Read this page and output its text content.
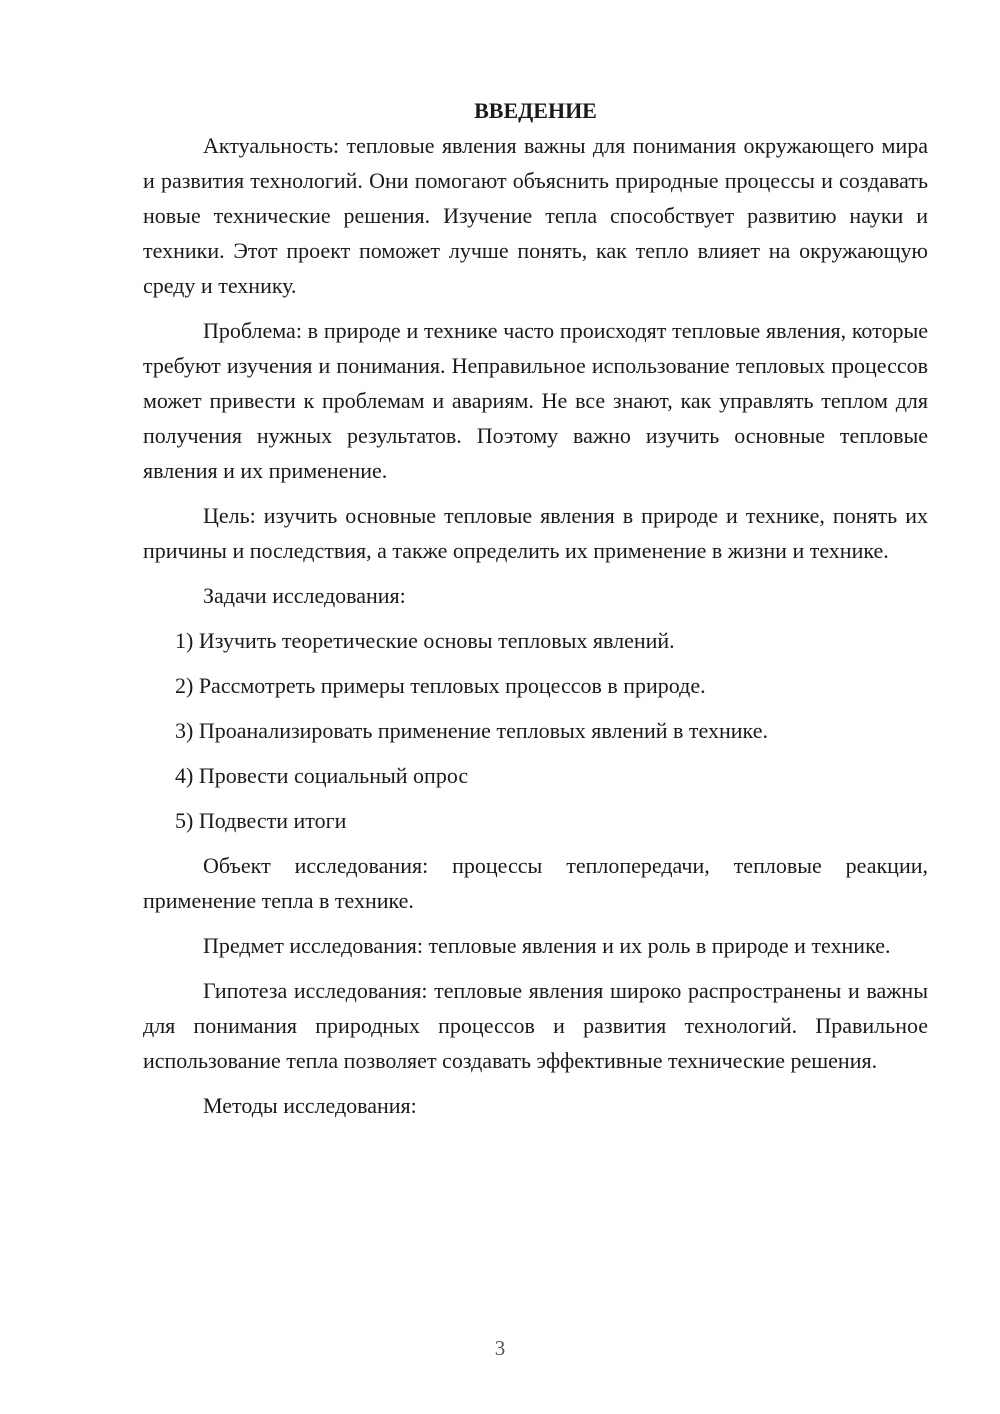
ВВЕДЕНИЕ

Актуальность: тепловые явления важны для понимания окружающего мира и развития технологий. Они помогают объяснить природные процессы и создавать новые технические решения. Изучение тепла способствует развитию науки и техники. Этот проект поможет лучше понять, как тепло влияет на окружающую среду и технику.

Проблема: в природе и технике часто происходят тепловые явления, которые требуют изучения и понимания. Неправильное использование тепловых процессов может привести к проблемам и авариям. Не все знают, как управлять теплом для получения нужных результатов. Поэтому важно изучить основные тепловые явления и их применение.

Цель: изучить основные тепловые явления в природе и технике, понять их причины и последствия, а также определить их применение в жизни и технике.

Задачи исследования:

1) Изучить теоретические основы тепловых явлений.
2) Рассмотреть примеры тепловых процессов в природе.
3) Проанализировать применение тепловых явлений в технике.
4) Провести социальный опрос
5) Подвести итоги

Объект исследования: процессы теплопередачи, тепловые реакции, применение тепла в технике.

Предмет исследования: тепловые явления и их роль в природе и технике.

Гипотеза исследования: тепловые явления широко распространены и важны для понимания природных процессов и развития технологий. Правильное использование тепла позволяет создавать эффективные технические решения.

Методы исследования:

3
